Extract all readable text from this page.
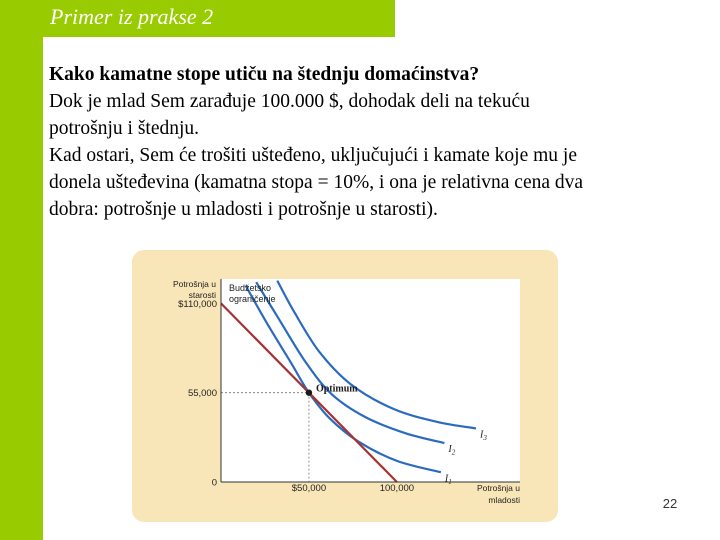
Primer iz prakse 2

Kako kamatne stope utiču na štednju domaćinstva?
Dok je mlad Sem zarađuje 100.000 $, dohodak deli na tekuću
potrošnju i štednju.
Kad ostari, Sem će trošiti ušteđeno, uključujući i kamate koje mu je
donela ušteđevina (kamatna stopa = 10%, i ona je relativna cena dva
dobra: potrošnje u mladosti i potrošnje u starosti).

Optimum
$110,000
55,000
0	$50,000	100,000
Potrošnja u
starosti
Potrošnja u
mladosti
Budžetsko
ograničenje
$I_1$
$I_2$
$I_3$
22
